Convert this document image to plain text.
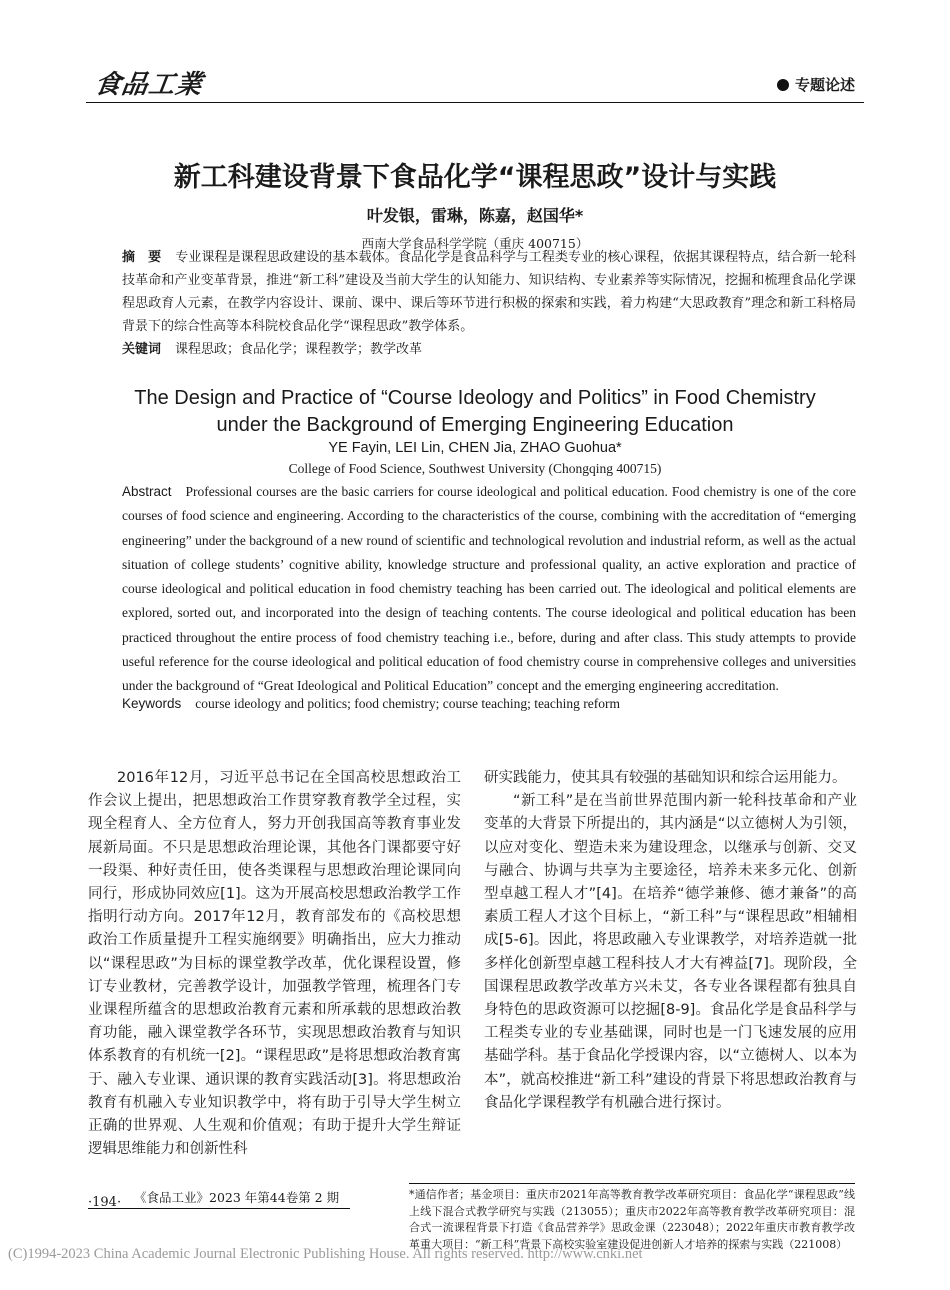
食品工業	专题论述
新工科建设背景下食品化学“课程思政”设计与实践
叶发银，雷琳，陈嘉，赵国华*
西南大学食品科学学院（重庆 400715）
摘　要 专业课程是课程思政建设的基本载体。食品化学是食品科学与工程类专业的核心课程，依据其课程特点，结合新一轮科技革命和产业变革背景，推进“新工科”建设及当前大学生的认知能力、知识结构、专业素养等实际情况，挖掘和梳理食品化学课程思政育人元素，在教学内容设计、课前、课中、课后等环节进行积极的探索和实践，着力构建“大思政教育”理念和新工科格局背景下的综合性高等本科院校食品化学“课程思政”教学体系。
关键词 课程思政；食品化学；课程教学；教学改革
The Design and Practice of “Course Ideology and Politics” in Food Chemistry
under the Background of Emerging Engineering Education
YE Fayin, LEI Lin, CHEN Jia, ZHAO Guohua*
College of Food Science, Southwest University (Chongqing 400715)
Abstract Professional courses are the basic carriers for course ideological and political education. Food chemistry is one of the core courses of food science and engineering. According to the characteristics of the course, combining with the accreditation of “emerging engineering” under the background of a new round of scientific and technological revolution and industrial reform, as well as the actual situation of college students’ cognitive ability, knowledge structure and professional quality, an active exploration and practice of course ideological and political education in food chemistry teaching has been carried out. The ideological and political elements are explored, sorted out, and incorporated into the design of teaching contents. The course ideological and political education has been practiced throughout the entire process of food chemistry teaching i.e., before, during and after class. This study attempts to provide useful reference for the course ideological and political education of food chemistry course in comprehensive colleges and universities under the background of “Great Ideological and Political Education” concept and the emerging engineering accreditation.
Keywords course ideology and politics; food chemistry; course teaching; teaching reform

2016年12月，习近平总书记在全国高校思想政治工作会议上提出，把思想政治工作贯穿教育教学全过程，实现全程育人、全方位育人，努力开创我国高等教育事业发展新局面。不只是思想政治理论课，其他各门课都要守好一段渠、种好责任田，使各类课程与思想政治理论课同向同行，形成协同效应[1]。这为开展高校思想政治教学工作指明行动方向。2017年12月，教育部发布的《高校思想政治工作质量提升工程实施纲要》明确指出，应大力推动以“课程思政”为目标的课堂教学改革，优化课程设置，修订专业教材，完善教学设计，加强教学管理，梳理各门专业课程所蕴含的思想政治教育元素和所承载的思想政治教育功能，融入课堂教学各环节，实现思想政治教育与知识体系教育的有机统一[2]。“课程思政”是将思想政治教育寓于、融入专业课、通识课的教育实践活动[3]。将思想政治教育有机融入专业知识教学中，将有助于引导大学生树立正确的世界观、人生观和价值观；有助于提升大学生辩证逻辑思维能力和创新性科

研实践能力，使其具有较强的基础知识和综合运用能力。

“新工科”是在当前世界范围内新一轮科技革命和产业变革的大背景下所提出的，其内涵是“以立德树人为引领，以应对变化、塑造未来为建设理念，以继承与创新、交叉与融合、协调与共享为主要途径，培养未来多元化、创新型卓越工程人才”[4]。在培养“德学兼修、德才兼备”的高素质工程人才这个目标上，“新工科”与“课程思政”相辅相成[5-6]。因此，将思政融入专业课教学，对培养造就一批多样化创新型卓越工程科技人才大有裨益[7]。现阶段，全国课程思政教学改革方兴未艾，各专业各课程都有独具自身特色的思政资源可以挖掘[8-9]。食品化学是食品科学与工程类专业的专业基础课，同时也是一门飞速发展的应用基础学科。基于食品化学授课内容，以“立德树人、以本为本”，就高校推进“新工科”建设的背景下将思想政治教育与食品化学课程教学有机融合进行探讨。

·194· 《食品工业》2023 年第44卷第 2 期	*通信作者；基金项目：重庆市2021年高等教育教学改革研究项目：食品化学“课程思政”线上线下混合式教学研究与实践（213055）；重庆市2022年高等教育教学改革研究项目：混合式一流课程背景下打造《食品营养学》思政金课（223048）；2022年重庆市教育教学改革重大项目：“新工科”背景下高校实验室建设促进创新人才培养的探索与实践（221008）
(C)1994-2023 China Academic Journal Electronic Publishing House. All rights reserved. http://www.cnki.net
